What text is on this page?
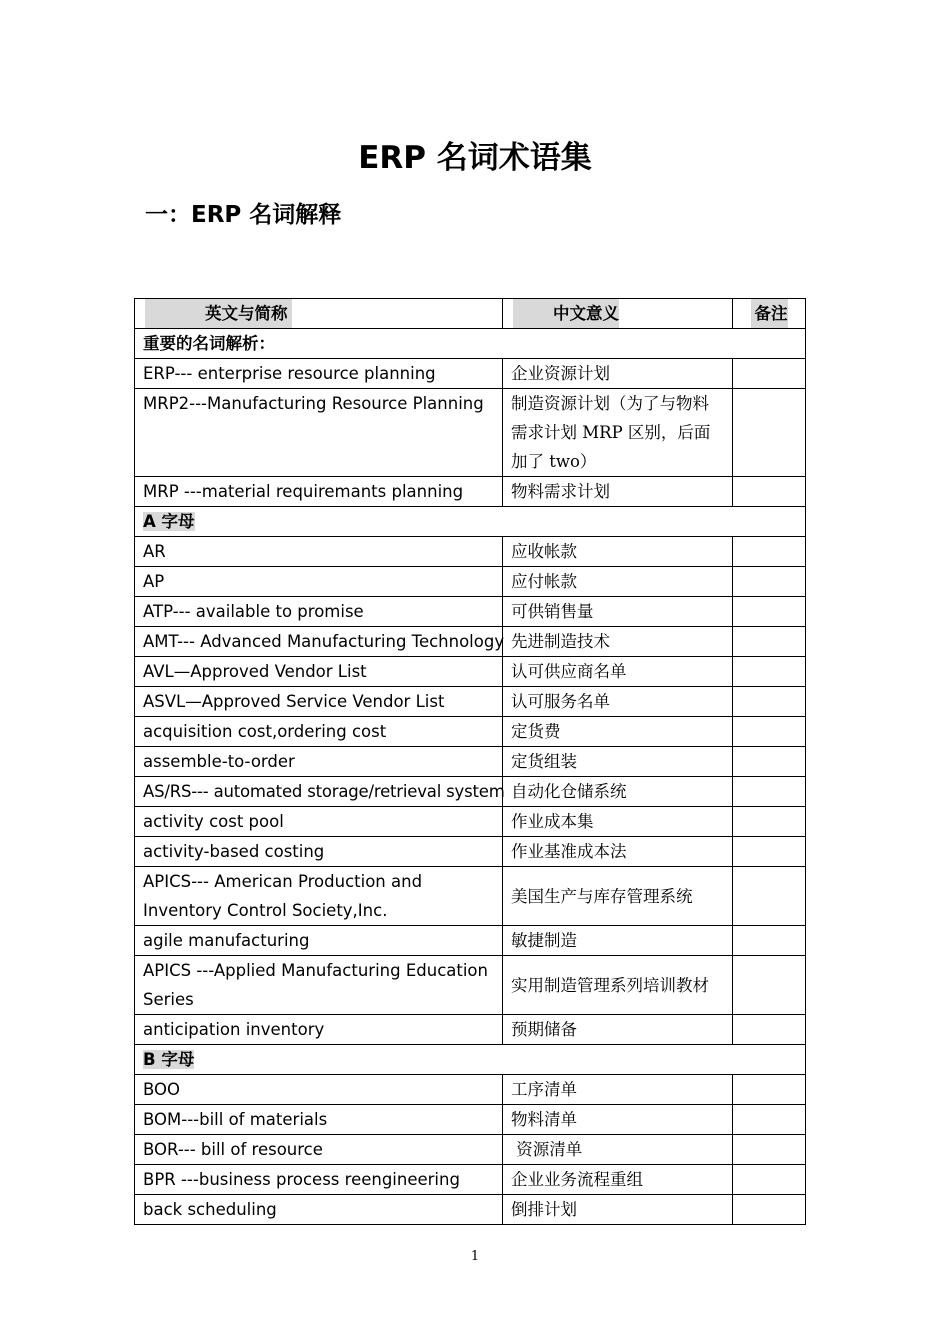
ERP 名词术语集
一：ERP 名词解释
英文与简称	中文意义	备注
重要的名词解析：		
ERP--- enterprise resource planning	企业资源计划	
MRP2---Manufacturing Resource Planning	制造资源计划（为了与物料需求计划 MRP 区别，后面加了 two）	
MRP ---material requiremants planning	物料需求计划	
A 字母		
AR	应收帐款	
AP	应付帐款	
ATP--- available to promise	可供销售量	
AMT--- Advanced Manufacturing Technology	先进制造技术	
AVL—Approved Vendor List	认可供应商名单	
ASVL—Approved Service Vendor List	认可服务名单	
acquisition cost,ordering cost	定货费	
assemble-to-order	定货组装	
AS/RS--- automated storage/retrieval system	自动化仓储系统	
activity cost pool	作业成本集	
activity-based costing	作业基准成本法	
APICS--- American Production and Inventory Control Society,Inc.	美国生产与库存管理系统	
agile manufacturing	敏捷制造	
APICS ---Applied Manufacturing Education Series	实用制造管理系列培训教材	
anticipation inventory	预期储备	
B 字母		
BOO	工序清单	
BOM---bill of materials	物料清单	
BOR--- bill of resource	资源清单	
BPR ---business process reengineering	企业业务流程重组	
back scheduling	倒排计划	
1
